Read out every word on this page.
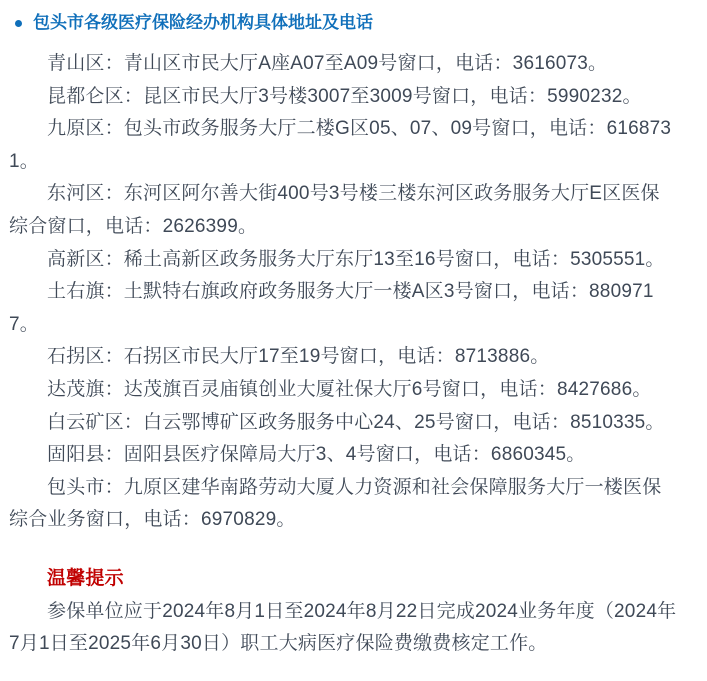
包头市各级医疗保险经办机构具体地址及电话

青山区：青山区市民大厅A座A07至A09号窗口，电话：3616073。

昆都仑区：昆区市民大厅3号楼3007至3009号窗口，电话：5990232。

九原区：包头市政务服务大厅二楼G区05、07、09号窗口，电话：6168731。

东河区：东河区阿尔善大街400号3号楼三楼东河区政务服务大厅E区医保综合窗口，电话：2626399。

高新区：稀土高新区政务服务大厅东厅13至16号窗口，电话：5305551。

土右旗：土默特右旗政府政务服务大厅一楼A区3号窗口，电话：8809717。

石拐区：石拐区市民大厅17至19号窗口，电话：8713886。

达茂旗：达茂旗百灵庙镇创业大厦社保大厅6号窗口，电话：8427686。

白云矿区：白云鄂博矿区政务服务中心24、25号窗口，电话：8510335。

固阳县：固阳县医疗保障局大厅3、4号窗口，电话：6860345。

包头市：九原区建华南路劳动大厦人力资源和社会保障服务大厅一楼医保综合业务窗口，电话：6970829。

温馨提示

参保单位应于2024年8月1日至2024年8月22日完成2024业务年度（2024年7月1日至2025年6月30日）职工大病医疗保险费缴费核定工作。
